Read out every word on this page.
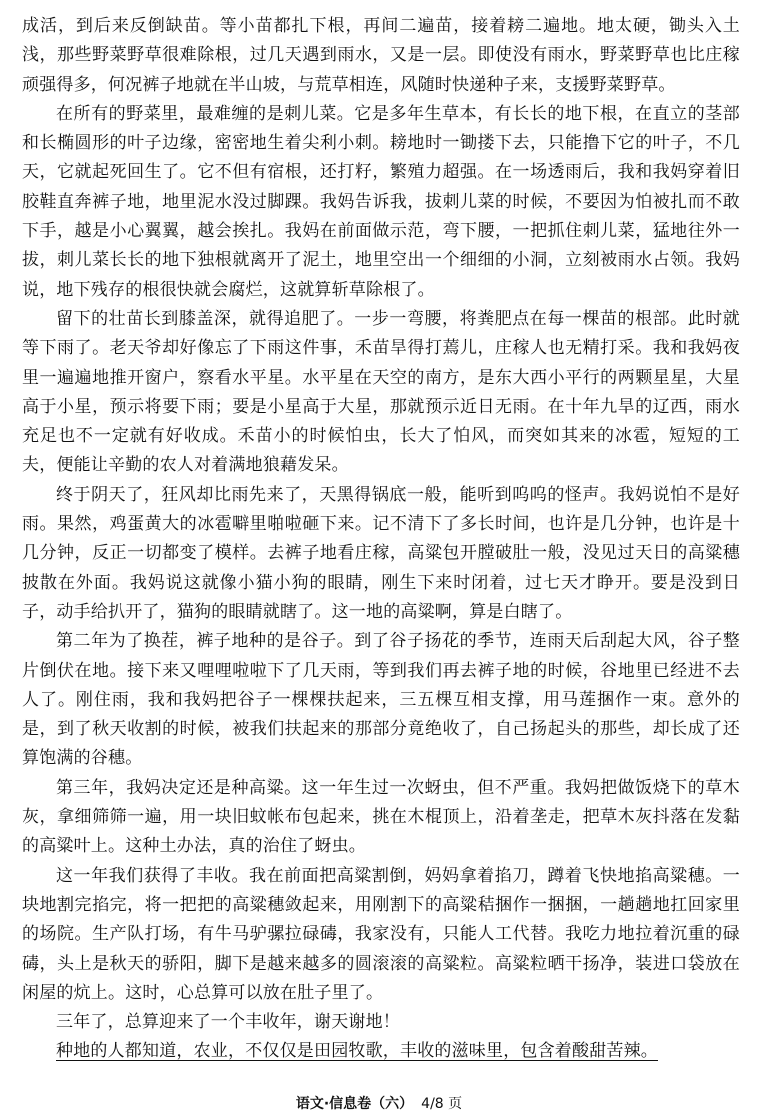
成活，到后来反倒缺苗。等小苗都扎下根，再间二遍苗，接着耪二遍地。地太硬，锄头入土浅，那些野菜野草很难除根，过几天遇到雨水，又是一层。即使没有雨水，野菜野草也比庄稼顽强得多，何况裤子地就在半山坡，与荒草相连，风随时快递种子来，支援野菜野草。

在所有的野菜里，最难缠的是刺儿菜。它是多年生草本，有长长的地下根，在直立的茎部和长椭圆形的叶子边缘，密密地生着尖利小刺。耪地时一锄搂下去，只能撸下它的叶子，不几天，它就起死回生了。它不但有宿根，还打籽，繁殖力超强。在一场透雨后，我和我妈穿着旧胶鞋直奔裤子地，地里泥水没过脚踝。我妈告诉我，拔刺儿菜的时候，不要因为怕被扎而不敢下手，越是小心翼翼，越会挨扎。我妈在前面做示范，弯下腰，一把抓住刺儿菜，猛地往外一拔，刺儿菜长长的地下独根就离开了泥土，地里空出一个细细的小洞，立刻被雨水占领。我妈说，地下残存的根很快就会腐烂，这就算斩草除根了。

留下的壮苗长到膝盖深，就得追肥了。一步一弯腰，将粪肥点在每一棵苗的根部。此时就等下雨了。老天爷却好像忘了下雨这件事，禾苗旱得打蔫儿，庄稼人也无精打采。我和我妈夜里一遍遍地推开窗户，察看水平星。水平星在天空的南方，是东大西小平行的两颗星星，大星高于小星，预示将要下雨；要是小星高于大星，那就预示近日无雨。在十年九旱的辽西，雨水充足也不一定就有好收成。禾苗小的时候怕虫，长大了怕风，而突如其来的冰雹，短短的工夫，便能让辛勤的农人对着满地狼藉发呆。

终于阴天了，狂风却比雨先来了，天黑得锅底一般，能听到呜呜的怪声。我妈说怕不是好雨。果然，鸡蛋黄大的冰雹噼里啪啦砸下来。记不清下了多长时间，也许是几分钟，也许是十几分钟，反正一切都变了模样。去裤子地看庄稼，高粱包开膛破肚一般，没见过天日的高粱穗披散在外面。我妈说这就像小猫小狗的眼睛，刚生下来时闭着，过七天才睁开。要是没到日子，动手给扒开了，猫狗的眼睛就瞎了。这一地的高粱啊，算是白瞎了。

第二年为了换茬，裤子地种的是谷子。到了谷子扬花的季节，连雨天后刮起大风，谷子整片倒伏在地。接下来又哩哩啦啦下了几天雨，等到我们再去裤子地的时候，谷地里已经进不去人了。刚住雨，我和我妈把谷子一棵棵扶起来，三五棵互相支撑，用马莲捆作一束。意外的是，到了秋天收割的时候，被我们扶起来的那部分竟绝收了，自己扬起头的那些，却长成了还算饱满的谷穗。

第三年，我妈决定还是种高粱。这一年生过一次蚜虫，但不严重。我妈把做饭烧下的草木灰，拿细筛筛一遍，用一块旧蚊帐布包起来，挑在木棍顶上，沿着垄走，把草木灰抖落在发黏的高粱叶上。这种土办法，真的治住了蚜虫。

这一年我们获得了丰收。我在前面把高粱割倒，妈妈拿着掐刀，蹲着飞快地掐高粱穗。一块地割完掐完，将一把把的高粱穗敛起来，用刚割下的高粱秸捆作一捆捆，一趟趟地扛回家里的场院。生产队打场，有牛马驴骡拉碌碡，我家没有，只能人工代替。我吃力地拉着沉重的碌碡，头上是秋天的骄阳，脚下是越来越多的圆滚滚的高粱粒。高粱粒晒干扬净，装进口袋放在闲屋的炕上。这时，心总算可以放在肚子里了。

三年了，总算迎来了一个丰收年，谢天谢地！

种地的人都知道，农业，不仅仅是田园牧歌，丰收的滋味里，包含着酸甜苦辣。

语文·信息卷（六） 4/8 页
